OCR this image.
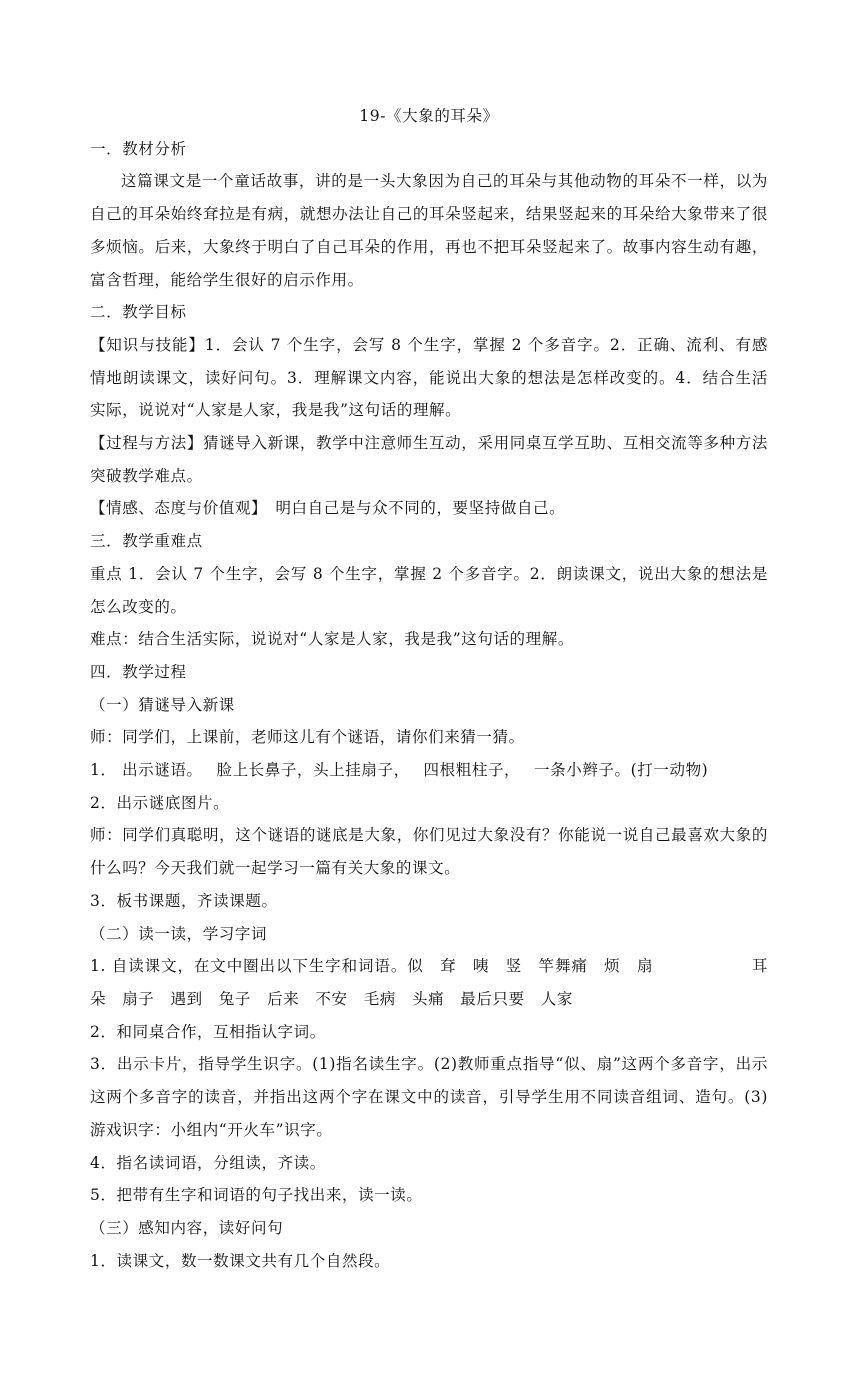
19-《大象的耳朵》

一．教材分析

这篇课文是一个童话故事，讲的是一头大象因为自己的耳朵与其他动物的耳朵不一样，以为自己的耳朵始终耷拉是有病，就想办法让自己的耳朵竖起来，结果竖起来的耳朵给大象带来了很多烦恼。后来，大象终于明白了自己耳朵的作用，再也不把耳朵竖起来了。故事内容生动有趣，富含哲理，能给学生很好的启示作用。

二．教学目标

【知识与技能】1．会认 7 个生字，会写 8 个生字，掌握 2 个多音字。2．正确、流利、有感情地朗读课文，读好问句。3．理解课文内容，能说出大象的想法是怎样改变的。4．结合生活实际，说说对“人家是人家，我是我”这句话的理解。

【过程与方法】猜谜导入新课，教学中注意师生互动，采用同桌互学互助、互相交流等多种方法突破教学难点。

【情感、态度与价值观】　明白自己是与众不同的，要坚持做自己。

三．教学重难点

重点 1．会认 7 个生字，会写 8 个生字，掌握 2 个多音字。2．朗读课文，说出大象的想法是怎么改变的。

难点：结合生活实际，说说对“人家是人家，我是我”这句话的理解。

四．教学过程

（一）猜谜导入新课

师：同学们，上课前，老师这儿有个谜语，请你们来猜一猜。

1． 出示谜语。　 脸上长鼻子，头上挂扇子，　 四根粗柱子，　 一条小辫子。(打一动物)

2．出示谜底图片。

师：同学们真聪明，这个谜语的谜底是大象，你们见过大象没有？你能说一说自己最喜欢大象的什么吗？今天我们就一起学习一篇有关大象的课文。

3．板书课题，齐读课题。

（二）读一读，学习字词

1. 自读课文，在文中圈出以下生字和词语。似　耷　咦　竖　竿舞痛　烦　扇　　　　　　耳朵　扇子　遇到　兔子　后来　不安　毛病　头痛　最后只要　人家

2．和同桌合作，互相指认字词。

3．出示卡片，指导学生识字。(1)指名读生字。(2)教师重点指导“似、扇”这两个多音字，出示这两个多音字的读音，并指出这两个字在课文中的读音，引导学生用不同读音组词、造句。(3)游戏识字：小组内“开火车”识字。

4．指名读词语，分组读，齐读。

5．把带有生字和词语的句子找出来，读一读。

（三）感知内容，读好问句

1．读课文，数一数课文共有几个自然段。
